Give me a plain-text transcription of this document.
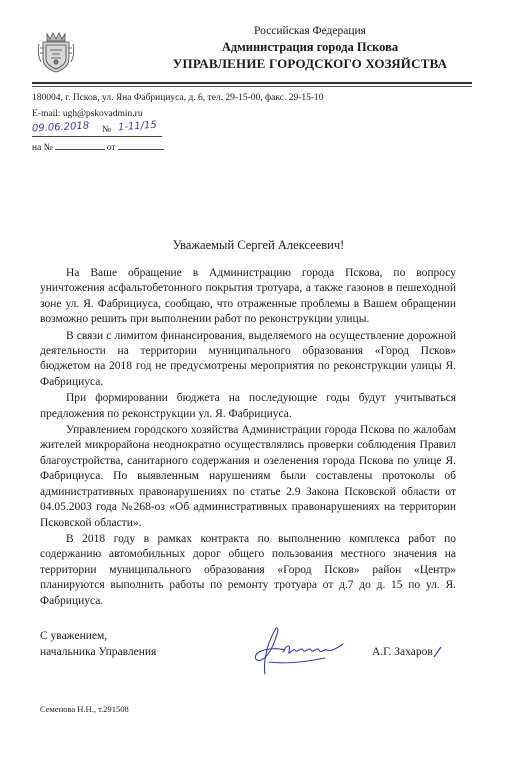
Российская Федерация
Администрация города Пскова
УПРАВЛЕНИЕ ГОРОДСКОГО ХОЗЯЙСТВА
180004, г. Псков, ул. Яна Фабрициуса, д. 6, тел. 29-15-00, факс. 29-15-10
E-mail: ugh@pskovadmin.ru
09.06.2018 № 1-11/15
на №	от
Уважаемый Сергей Алексеевич!

На Ваше обращение в Администрацию города Пскова, по вопросу уничтожения асфальтобетонного покрытия тротуара, а также газонов в пешеходной зоне ул. Я. Фабрициуса, сообщаю, что отраженные проблемы в Вашем обращении возможно решить при выполнении работ по реконструкции улицы.

В связи с лимитом финансирования, выделяемого на осуществление дорожной деятельности на территории муниципального образования «Город Псков» бюджетом на 2018 год не предусмотрены мероприятия по реконструкции улицы Я. Фабрициуса.

При формировании бюджета на последующие годы будут учитываться предложения по реконструкции ул. Я. Фабрициуса.

Управлением городского хозяйства Администрации города Пскова по жалобам жителей микрорайона неоднократно осуществлялись проверки соблюдения Правил благоустройства, санитарного содержания и озеленения города Пскова по улице Я. Фабрициуса. По выявленным нарушениям были составлены протоколы об административных правонарушениях по статье 2.9 Закона Псковской области от 04.05.2003 года №268-оз «Об административных правонарушениях на территории Псковской области».

В 2018 году в рамках контракта по выполнению комплекса работ по содержанию автомобильных дорог общего пользования местного значения на территории муниципального образования «Город Псков» район «Центр» планируются выполнить работы по ремонту тротуара от д.7 до д. 15 по ул. Я. Фабрициуса.

С уважением,
начальника Управления	А.Г. Захаров
Семенова Н.Н., т.291508
